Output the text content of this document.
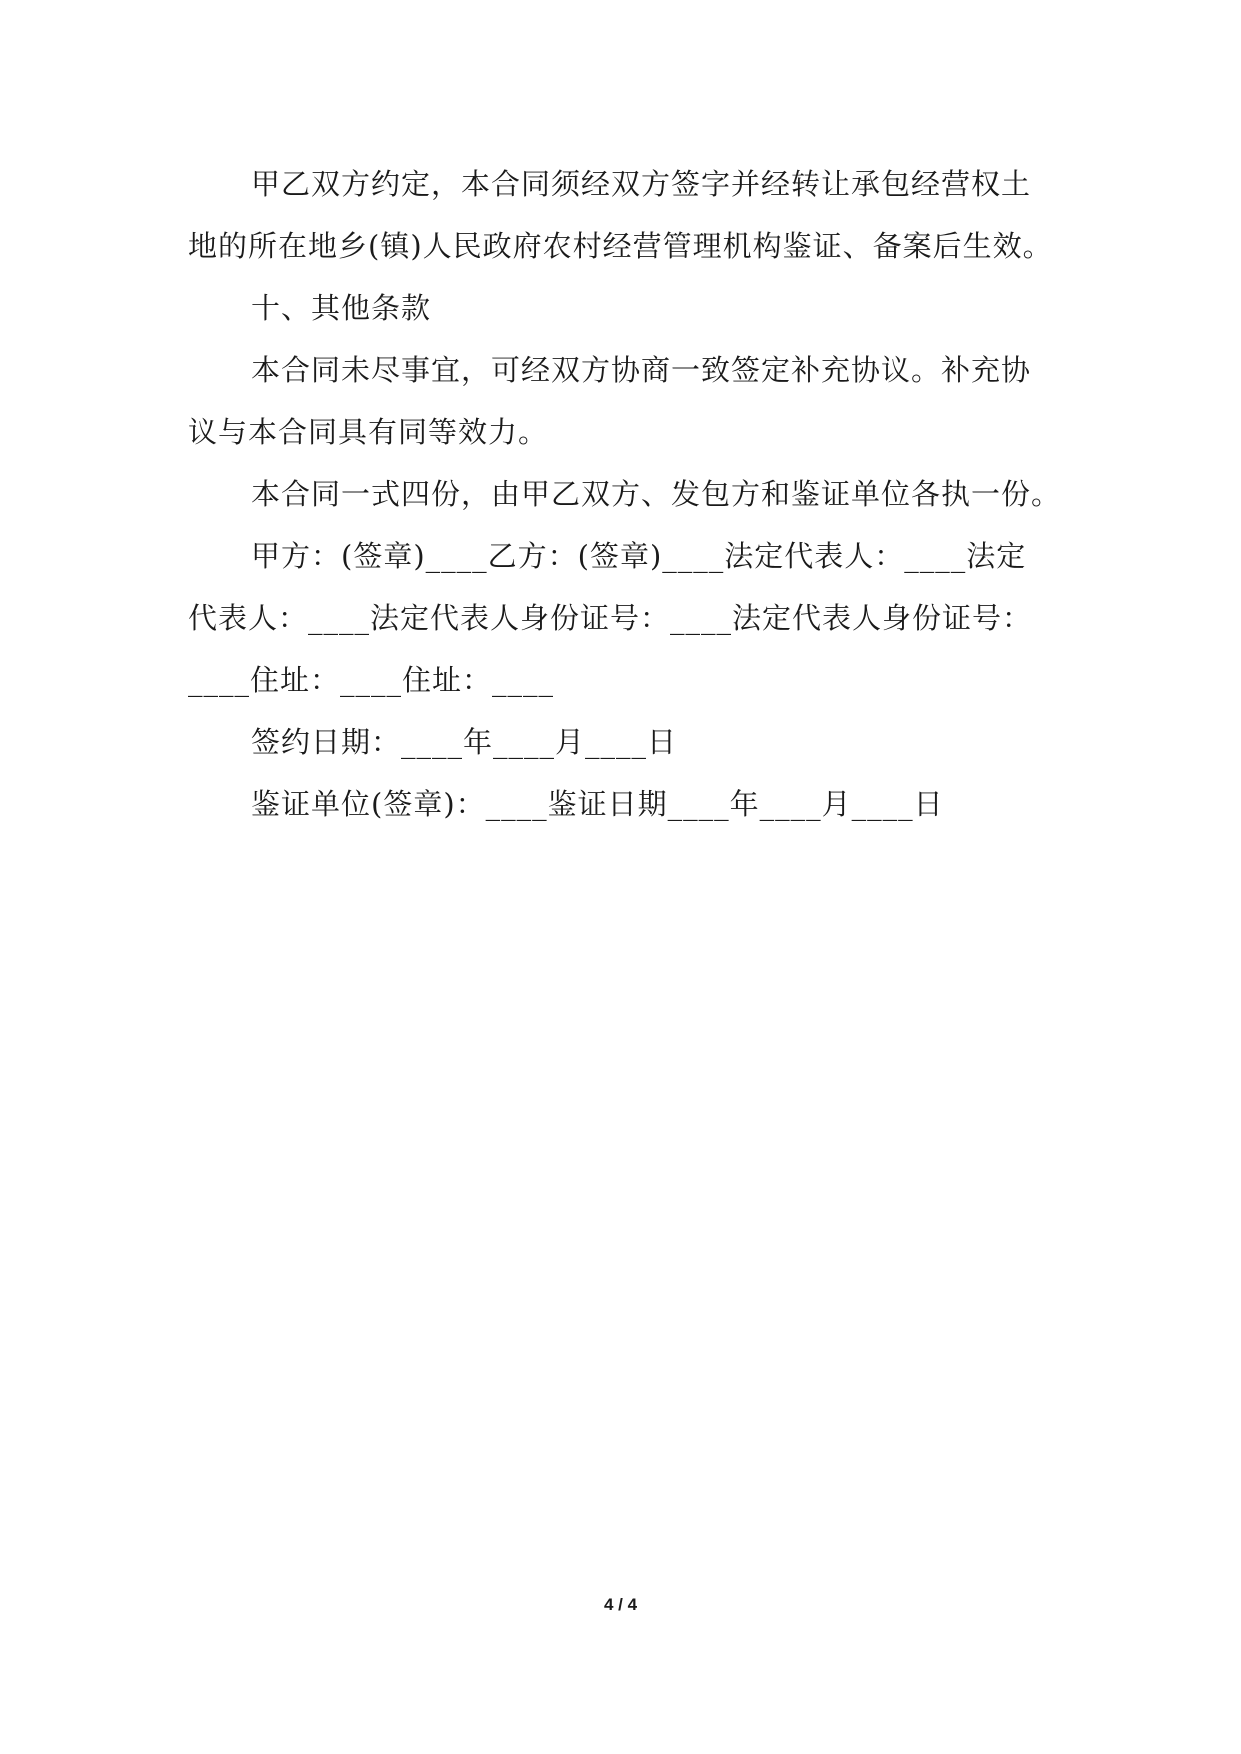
甲乙双方约定，本合同须经双方签字并经转让承包经营权土
地的所在地乡(镇)人民政府农村经营管理机构鉴证、备案后生效。
十、其他条款
本合同未尽事宜，可经双方协商一致签定补充协议。补充协
议与本合同具有同等效力。
本合同一式四份，由甲乙双方、发包方和鉴证单位各执一份。
甲方：(签章)____乙方：(签章)____法定代表人：____法定
代表人：____法定代表人身份证号：____法定代表人身份证号：
____住址：____住址：____
签约日期：____年____月____日
鉴证单位(签章)：____鉴证日期____年____月____日
4 / 4
